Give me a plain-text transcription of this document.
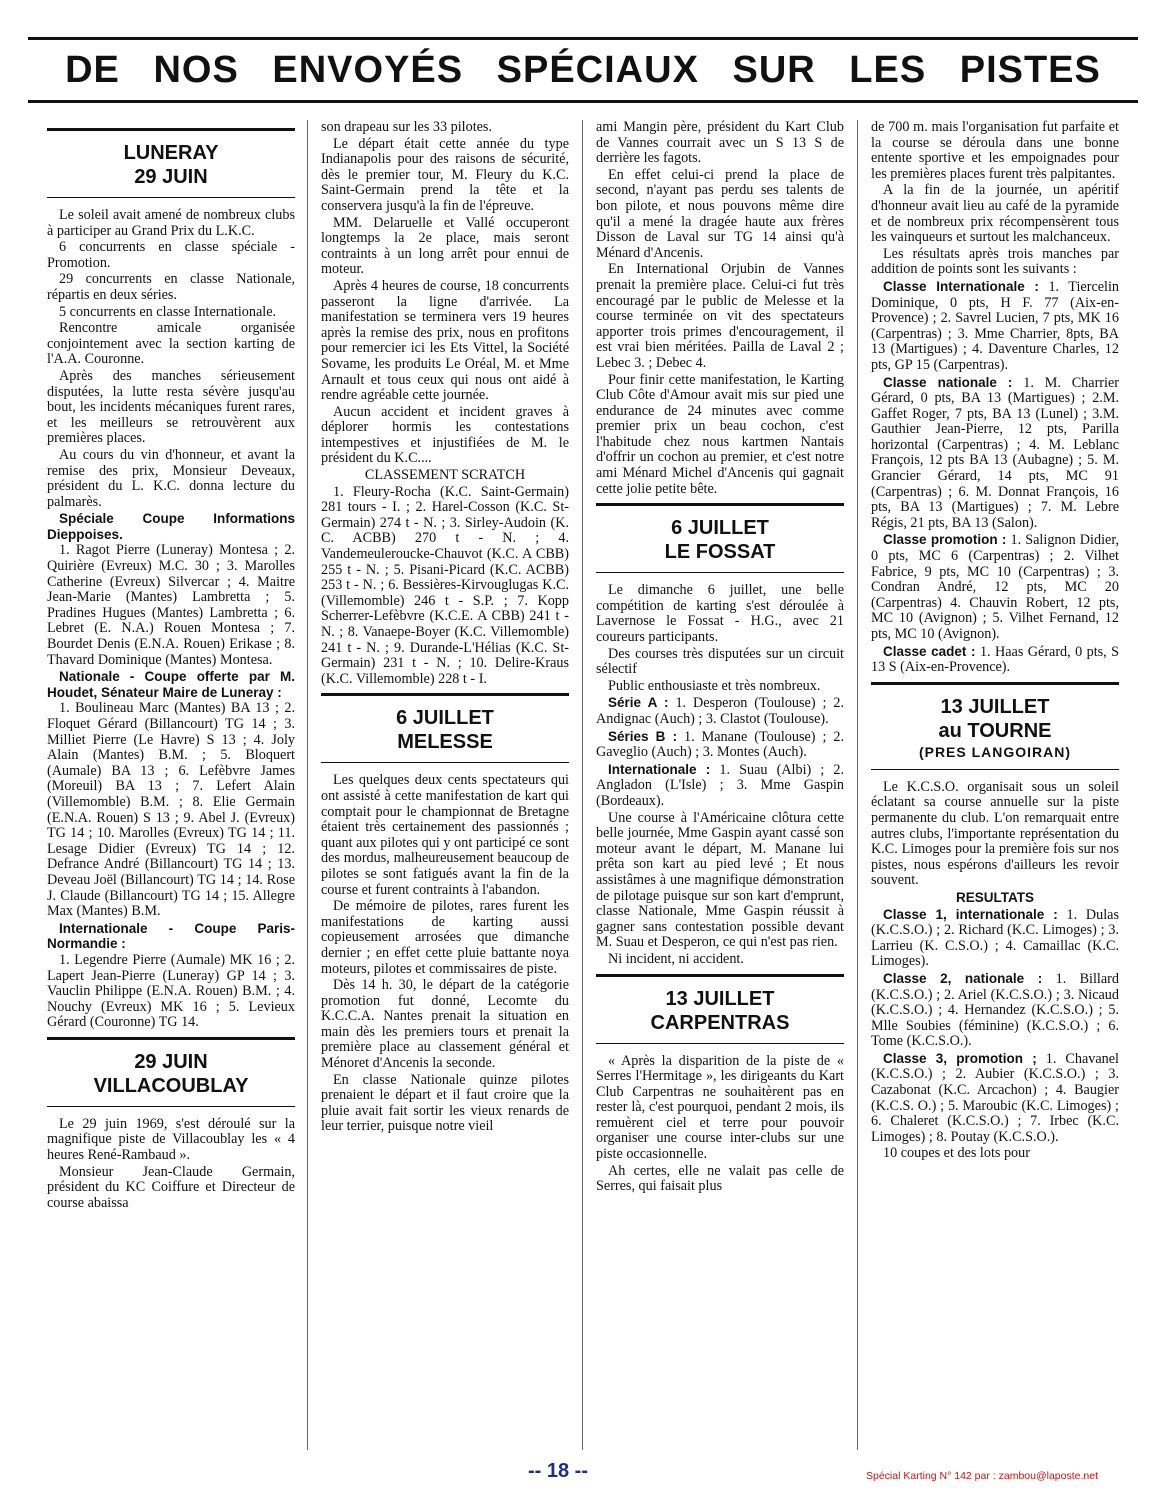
DE NOS ENVOYÉS SPÉCIAUX SUR LES PISTES
LUNERAY
29 JUIN

Le soleil avait amené de nombreux clubs à participer au Grand Prix du L.K.C.

6 concurrents en classe spéciale - Promotion.

29 concurrents en classe Nationale, répartis en deux séries.

5 concurrents en classe Internationale.

Rencontre amicale organisée conjointement avec la section karting de l'A.A. Couronne.

Après des manches sérieusement disputées, la lutte resta sévère jusqu'au bout, les incidents mécaniques furent rares, et les meilleurs se retrouvèrent aux premières places.

Au cours du vin d'honneur, et avant la remise des prix, Monsieur Deveaux, président du L. K.C. donna lecture du palmarès.

Spéciale Coupe Informations Dieppoises.

1. Ragot Pierre (Luneray) Montesa ; 2. Quirière (Evreux) M.C. 30 ; 3. Marolles Catherine (Evreux) Silvercar ; 4. Maitre Jean-Marie (Mantes) Lambretta ; 5. Pradines Hugues (Mantes) Lambretta ; 6. Lebret (E. N.A.) Rouen Montesa ; 7. Bourdet Denis (E.N.A. Rouen) Erikase ; 8. Thavard Dominique (Mantes) Montesa.

Nationale - Coupe offerte par M. Houdet, Sénateur Maire de Luneray :

1. Boulineau Marc (Mantes) BA 13 ; 2. Floquet Gérard (Billancourt) TG 14 ; 3. Milliet Pierre (Le Havre) S 13 ; 4. Joly Alain (Mantes) B.M. ; 5. Bloquert (Aumale) BA 13 ; 6. Lefèbvre James (Moreuil) BA 13 ; 7. Lefert Alain (Villemomble) B.M. ; 8. Elie Germain (E.N.A. Rouen) S 13 ; 9. Abel J. (Evreux) TG 14 ; 10. Marolles (Evreux) TG 14 ; 11. Lesage Didier (Evreux) TG 14 ; 12. Defrance André (Billancourt) TG 14 ; 13. Deveau Joël (Billancourt) TG 14 ; 14. Rose J. Claude (Billancourt) TG 14 ; 15. Allegre Max (Mantes) B.M.

Internationale - Coupe Paris-Normandie :

1. Legendre Pierre (Aumale) MK 16 ; 2. Lapert Jean-Pierre (Luneray) GP 14 ; 3. Vauclin Philippe (E.N.A. Rouen) B.M. ; 4. Nouchy (Evreux) MK 16 ; 5. Levieux Gérard (Couronne) TG 14.

29 JUIN
VILLACOUBLAY

Le 29 juin 1969, s'est déroulé sur la magnifique piste de Villacoublay les « 4 heures René-Rambaud ».

Monsieur Jean-Claude Germain, président du KC Coiffure et Directeur de course abaissa

son drapeau sur les 33 pilotes.

Le départ était cette année du type Indianapolis pour des raisons de sécurité, dès le premier tour, M. Fleury du K.C. Saint-Germain prend la tête et la conservera jusqu'à la fin de l'épreuve.

MM. Delaruelle et Vallé occuperont longtemps la 2e place, mais seront contraints à un long arrêt pour ennui de moteur.

Après 4 heures de course, 18 concurrents passeront la ligne d'arrivée. La manifestation se terminera vers 19 heures après la remise des prix, nous en profitons pour remercier ici les Ets Vittel, la Société Sovame, les produits Le Oréal, M. et Mme Arnault et tous ceux qui nous ont aidé à rendre agréable cette journée.

Aucun accident et incident graves à déplorer hormis les contestations intempestives et injustifiées de M. le président du K.C....

CLASSEMENT SCRATCH

1. Fleury-Rocha (K.C. Saint-Germain) 281 tours - I. ; 2. Harel-Cosson (K.C. St-Germain) 274 t - N. ; 3. Sirley-Audoin (K. C. ACBB) 270 t - N. ; 4. Vandemeuleroucke-Chauvot (K.C. A CBB) 255 t - N. ; 5. Pisani-Picard (K.C. ACBB) 253 t - N. ; 6. Bessières-Kirvouglugas K.C. (Villemomble) 246 t - S.P. ; 7. Kopp Scherrer-Lefèbvre (K.C.E. A CBB) 241 t - N. ; 8. Vanaepe-Boyer (K.C. Villemomble) 241 t - N. ; 9. Durande-L'Hélias (K.C. St-Germain) 231 t - N. ; 10. Delire-Kraus (K.C. Villemomble) 228 t - I.

6 JUILLET
MELESSE

Les quelques deux cents spectateurs qui ont assisté à cette manifestation de kart qui comptait pour le championnat de Bretagne étaient très certainement des passionnés ; quant aux pilotes qui y ont participé ce sont des mordus, malheureusement beaucoup de pilotes se sont fatigués avant la fin de la course et furent contraints à l'abandon.

De mémoire de pilotes, rares furent les manifestations de karting aussi copieusement arrosées que dimanche dernier ; en effet cette pluie battante noya moteurs, pilotes et commissaires de piste.

Dès 14 h. 30, le départ de la catégorie promotion fut donné, Lecomte du K.C.C.A. Nantes prenait la situation en main dès les premiers tours et prenait la première place au classement général et Ménoret d'Ancenis la seconde.

En classe Nationale quinze pilotes prenaient le départ et il faut croire que la pluie avait fait sortir les vieux renards de leur terrier, puisque notre vieil

ami Mangin père, président du Kart Club de Vannes courrait avec un S 13 S de derrière les fagots.

En effet celui-ci prend la place de second, n'ayant pas perdu ses talents de bon pilote, et nous pouvons même dire qu'il a mené la dragée haute aux frères Disson de Laval sur TG 14 ainsi qu'à Ménard d'Ancenis.

En International Orjubin de Vannes prenait la première place. Celui-ci fut très encouragé par le public de Melesse et la course terminée on vit des spectateurs apporter trois primes d'encouragement, il est vrai bien méritées. Pailla de Laval 2 ; Lebec 3. ; Debec 4.

Pour finir cette manifestation, le Karting Club Côte d'Amour avait mis sur pied une endurance de 24 minutes avec comme premier prix un beau cochon, c'est l'habitude chez nous kartmen Nantais d'offrir un cochon au premier, et c'est notre ami Ménard Michel d'Ancenis qui gagnait cette jolie petite bête.

6 JUILLET
LE FOSSAT

Le dimanche 6 juillet, une belle compétition de karting s'est déroulée à Lavernose le Fossat - H.G., avec 21 coureurs participants.

Des courses très disputées sur un circuit sélectif

Public enthousiaste et très nombreux.

Série A : 1. Desperon (Toulouse) ; 2. Andignac (Auch) ; 3. Clastot (Toulouse).

Séries B : 1. Manane (Toulouse) ; 2. Gaveglio (Auch) ; 3. Montes (Auch).

Internationale : 1. Suau (Albi) ; 2. Angladon (L'Isle) ; 3. Mme Gaspin (Bordeaux).

Une course à l'Américaine clôtura cette belle journée, Mme Gaspin ayant cassé son moteur avant le départ, M. Manane lui prêta son kart au pied levé ; Et nous assistâmes à une magnifique démonstration de pilotage puisque sur son kart d'emprunt, classe Nationale, Mme Gaspin réussit à gagner sans contestation possible devant M. Suau et Desperon, ce qui n'est pas rien.

Ni incident, ni accident.

13 JUILLET
CARPENTRAS

« Après la disparition de la piste de « Serres l'Hermitage », les dirigeants du Kart Club Carpentras ne souhaitèrent pas en rester là, c'est pourquoi, pendant 2 mois, ils remuèrent ciel et terre pour pouvoir organiser une course inter-clubs sur une piste occasionnelle.

Ah certes, elle ne valait pas celle de Serres, qui faisait plus

de 700 m. mais l'organisation fut parfaite et la course se déroula dans une bonne entente sportive et les empoignades pour les premières places furent très palpitantes.

A la fin de la journée, un apéritif d'honneur avait lieu au café de la pyramide et de nombreux prix récompensèrent tous les vainqueurs et surtout les malchanceux.

Les résultats après trois manches par addition de points sont les suivants :

Classe Internationale : 1. Tiercelin Dominique, 0 pts, H F. 77 (Aix-en-Provence) ; 2. Savrel Lucien, 7 pts, MK 16 (Carpentras) ; 3. Mme Charrier, 8pts, BA 13 (Martigues) ; 4. Daventure Charles, 12 pts, GP 15 (Carpentras).

Classe nationale : 1. M. Charrier Gérard, 0 pts, BA 13 (Martigues) ; 2.M. Gaffet Roger, 7 pts, BA 13 (Lunel) ; 3.M. Gauthier Jean-Pierre, 12 pts, Parilla horizontal (Carpentras) ; 4. M. Leblanc François, 12 pts BA 13 (Aubagne) ; 5. M. Grancier Gérard, 14 pts, MC 91 (Carpentras) ; 6. M. Donnat François, 16 pts, BA 13 (Martigues) ; 7. M. Lebre Régis, 21 pts, BA 13 (Salon).

Classe promotion : 1. Salignon Didier, 0 pts, MC 6 (Carpentras) ; 2. Vilhet Fabrice, 9 pts, MC 10 (Carpentras) ; 3. Condran André, 12 pts, MC 20 (Carpentras) 4. Chauvin Robert, 12 pts, MC 10 (Avignon) ; 5. Vilhet Fernand, 12 pts, MC 10 (Avignon).

Classe cadet : 1. Haas Gérard, 0 pts, S 13 S (Aix-en-Provence).

13 JUILLET
au TOURNE
(PRES LANGOIRAN)

Le K.C.S.O. organisait sous un soleil éclatant sa course annuelle sur la piste permanente du club. L'on remarquait entre autres clubs, l'importante représentation du K.C. Limoges pour la première fois sur nos pistes, nous espérons d'ailleurs les revoir souvent.

RESULTATS

Classe 1, internationale : 1. Dulas (K.C.S.O.) ; 2. Richard (K.C. Limoges) ; 3. Larrieu (K. C.S.O.) ; 4. Camaillac (K.C. Limoges).

Classe 2, nationale : 1. Billard (K.C.S.O.) ; 2. Ariel (K.C.S.O.) ; 3. Nicaud (K.C.S.O.) ; 4. Hernandez (K.C.S.O.) ; 5. Mlle Soubies (féminine) (K.C.S.O.) ; 6. Tome (K.C.S.O.).

Classe 3, promotion ; 1. Chavanel (K.C.S.O.) ; 2. Aubier (K.C.S.O.) ; 3. Cazabonat (K.C. Arcachon) ; 4. Baugier (K.C.S. O.) ; 5. Maroubic (K.C. Limoges) ; 6. Chaleret (K.C.S.O.) ; 7. Irbec (K.C. Limoges) ; 8. Poutay (K.C.S.O.).

10 coupes et des lots pour

-- 18 --	Spécial Karting N° 142 par : zambou@laposte.net
